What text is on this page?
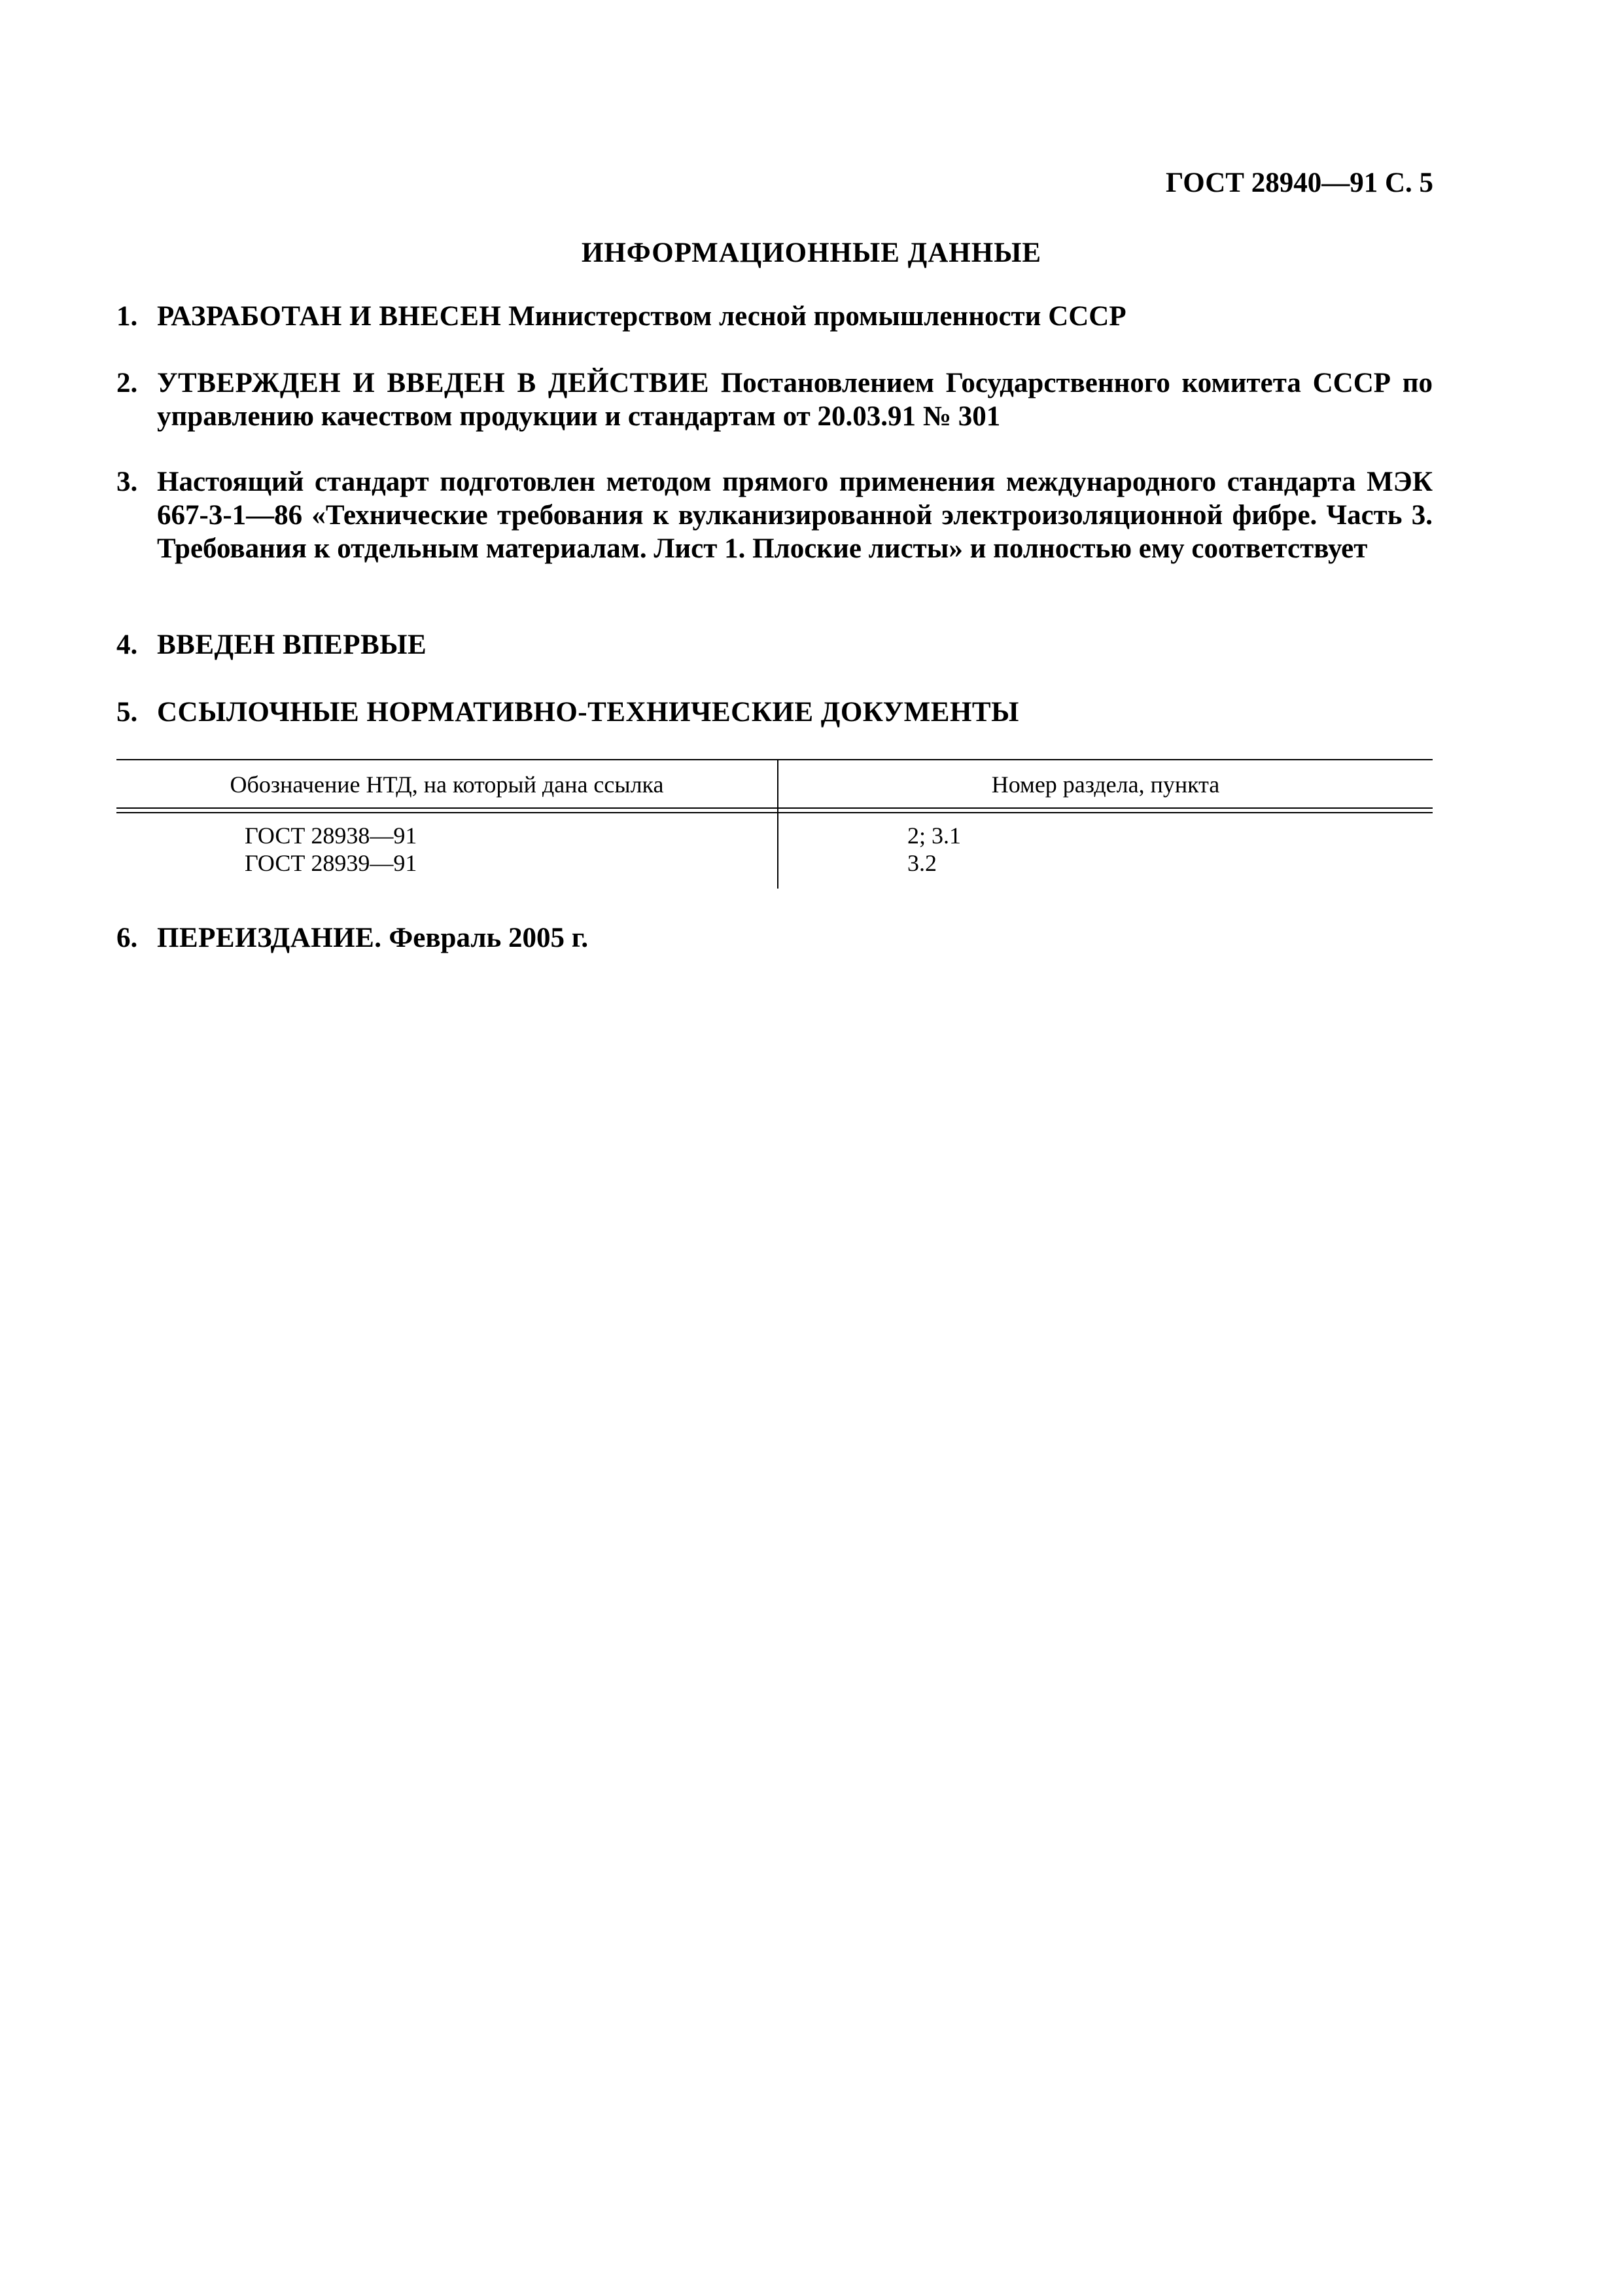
ГОСТ 28940—91 С. 5
ИНФОРМАЦИОННЫЕ ДАННЫЕ
1. РАЗРАБОТАН И ВНЕСЕН Министерством лесной промышленности СССР
2. УТВЕРЖДЕН И ВВЕДЕН В ДЕЙСТВИЕ Постановлением Государственного комитета СССР по управлению качеством продукции и стандартам от 20.03.91 № 301
3. Настоящий стандарт подготовлен методом прямого применения международного стандарта МЭК 667-3-1—86 «Технические требования к вулканизированной электроизоляционной фибре. Часть 3. Требования к отдельным материалам. Лист 1. Плоские листы» и полностью ему соответствует
4. ВВЕДЕН ВПЕРВЫЕ
5. ССЫЛОЧНЫЕ НОРМАТИВНО-ТЕХНИЧЕСКИЕ ДОКУМЕНТЫ
Обозначение НТД, на который дана ссылка	Номер раздела, пункта
ГОСТ 28938—91	2; 3.1
ГОСТ 28939—91	3.2
6. ПЕРЕИЗДАНИЕ. Февраль 2005 г.
